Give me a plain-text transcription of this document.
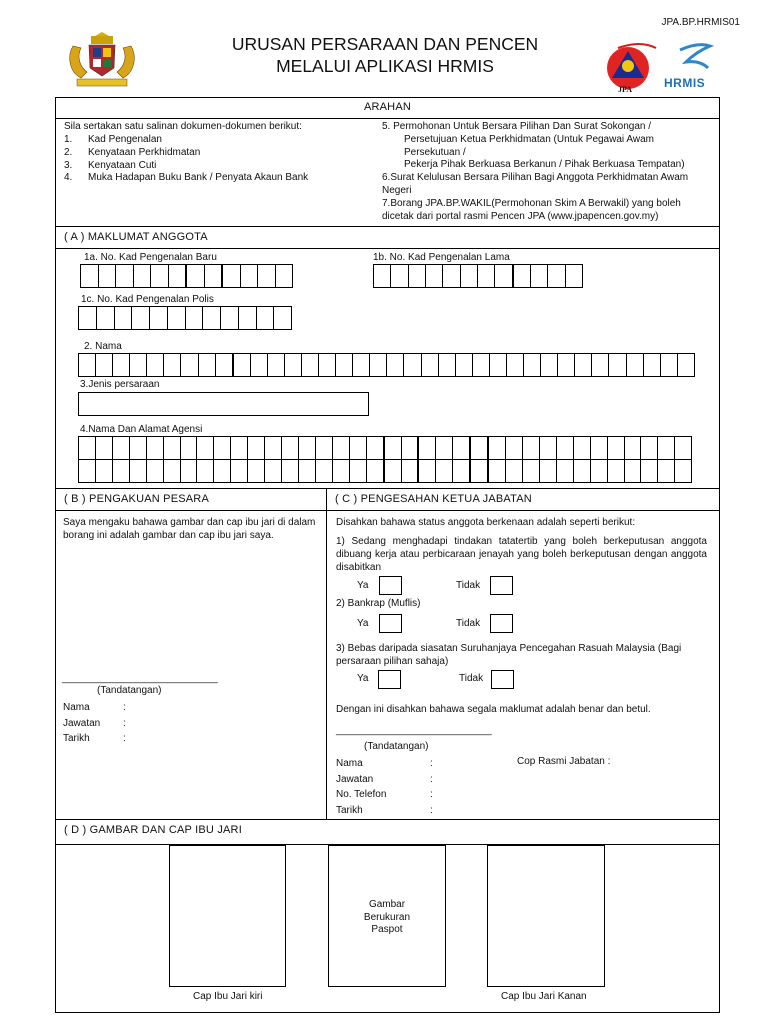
JPA.BP.HRMIS01
URUSAN PERSARAAN DAN PENCEN
MELALUI APLIKASI HRMIS
JPA	HRMIS
ARAHAN
Sila sertakan satu salinan dokumen-dokumen berikut:
1.	Kad Pengenalan
2.	Kenyataan Perkhidmatan
3.	Kenyataan Cuti
4.	Muka Hadapan Buku Bank / Penyata Akaun Bank
5. Permohonan Untuk Bersara Pilihan Dan Surat Sokongan /
Persetujuan Ketua Perkhidmatan (Untuk Pegawai Awam
Persekutuan /
Pekerja Pihak Berkuasa Berkanun / Pihak Berkuasa Tempatan)
6.Surat Kelulusan Bersara Pilihan Bagi Anggota Perkhidmatan Awam
Negeri
7.Borang JPA.BP.WAKIL(Permohonan Skim A Berwakil) yang boleh
dicetak dari portal rasmi Pencen JPA (www.jpapencen.gov.my)
( A ) MAKLUMAT ANGGOTA
1a. No. Kad Pengenalan Baru	1b. No. Kad Pengenalan Lama
1c. No. Kad Pengenalan Polis
2. Nama
3.Jenis persaraan
4.Nama Dan Alamat Agensi
( B ) PENGAKUAN PESARA
Saya mengaku bahawa gambar dan cap ibu jari di dalam borang ini adalah gambar dan cap ibu jari saya.
____________________________
(Tandatangan)
Nama	:
Jawatan	:
Tarikh	:
( C ) PENGESAHAN KETUA JABATAN
Disahkan bahawa status anggota berkenaan adalah seperti berikut:
1) Sedang menghadapi tindakan tatatertib yang boleh berkeputusan anggota dibuang kerja atau perbicaraan jenayah yang boleh berkeputusan dengan anggota disabitkan
Ya	Tidak
2) Bankrap (Muflis)
Ya	Tidak
3) Bebas daripada siasatan Suruhanjaya Pencegahan Rasuah Malaysia (Bagi persaraan pilihan sahaja)
Ya	Tidak
Dengan ini disahkan bahawa segala maklumat adalah benar dan betul.
____________________________
(Tandatangan)
Nama	:
Jawatan	:
No. Telefon	:
Tarikh	:
Cop Rasmi Jabatan :
( D ) GAMBAR DAN CAP IBU JARI
Gambar
Berukuran
Paspot
Cap Ibu Jari kiri	Cap Ibu Jari Kanan
